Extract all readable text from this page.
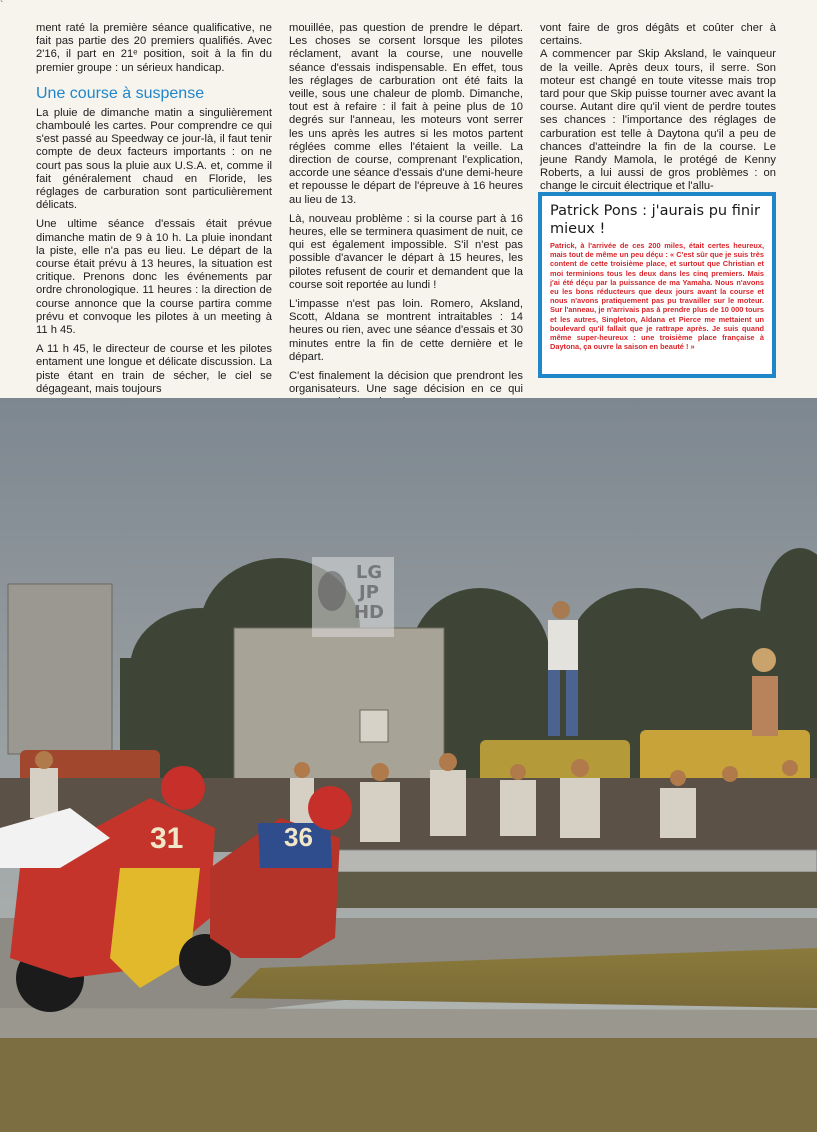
`

ment raté la première séance qualificative, ne fait pas partie des 20 premiers qualifiés. Avec 2'16, il part en 21ᵉ position, soit à la fin du premier groupe : un sérieux handicap.

Une course à suspense

La pluie de dimanche matin a singulièrement chamboulé les cartes. Pour comprendre ce qui s'est passé au Speedway ce jour-là, il faut tenir compte de deux facteurs importants : on ne court pas sous la pluie aux U.S.A. et, comme il fait généralement chaud en Floride, les réglages de carburation sont particulièrement délicats.

Une ultime séance d'essais était prévue dimanche matin de 9 à 10 h. La pluie inondant la piste, elle n'a pas eu lieu. Le départ de la course était prévu à 13 heures, la situation est critique. Prenons donc les événements par ordre chronologique. 11 heures : la direction de course annonce que la course partira comme prévu et convoque les pilotes à un meeting à 11 h 45.

A 11 h 45, le directeur de course et les pilotes entament une longue et délicate discussion. La piste étant en train de sécher, le ciel se dégageant, mais toujours

mouillée, pas question de prendre le départ. Les choses se corsent lorsque les pilotes réclament, avant la course, une nouvelle séance d'essais indispensable. En effet, tous les réglages de carburation ont été faits la veille, sous une chaleur de plomb. Dimanche, tout est à refaire : il fait à peine plus de 10 degrés sur l'anneau, les moteurs vont serrer les uns après les autres si les motos partent réglées comme elles l'étaient la veille. La direction de course, comprenant l'explication, accorde une séance d'essais d'une demi-heure et repousse le départ de l'épreuve à 16 heures au lieu de 13.

Là, nouveau problème : si la course part à 16 heures, elle se terminera quasiment de nuit, ce qui est également impossible. S'il n'est pas possible d'avancer le départ à 15 heures, les pilotes refusent de courir et demandent que la course soit reportée au lundi !

L'impasse n'est pas loin. Romero, Aksland, Scott, Aldana se montrent intraitables : 14 heures ou rien, avec une séance d'essais et 30 minutes entre la fin de cette dernière et le départ.

C'est finalement la décision que prendront les organisateurs. Une sage décision en ce qui

vont faire de gros dégâts et coûter cher à certains.

A commencer par Skip Aksland, le vainqueur de la veille. Après deux tours, il serre. Son moteur est changé en toute vitesse mais trop tard pour que Skip puisse tourner avec avant la course. Autant dire qu'il vient de perdre toutes ses chances : l'importance des réglages de carburation est telle à Daytona qu'il a peu de chances d'atteindre la fin de la course. Le jeune Randy Mamola, le protégé de Kenny Roberts, a lui aussi de gros problèmes : on change le circuit électrique et l'allu-

Patrick Pons : j'aurais pu finir mieux !

Patrick, à l'arrivée de ces 200 miles, était certes heureux, mais tout de même un peu déçu : « C'est sûr que je suis très content de cette troisième place, et surtout que Christian et moi terminions tous les deux dans les cinq premiers. Mais j'ai été déçu par la puissance de ma Yamaha. Nous n'avons eu les bons réducteurs que deux jours avant la course et nous n'avons pratiquement pas pu travailler sur le moteur. Sur l'anneau, je n'arrivais pas à prendre plus de 10 000 tours et les autres, Singleton, Aldana et Pierce me mettaient un boulevard qu'il fallait que je rattrape après. Je suis quand même super-heureux : une troisième place française à Daytona, ça ouvre la saison en beauté ! »

31	36
LG JP HD
